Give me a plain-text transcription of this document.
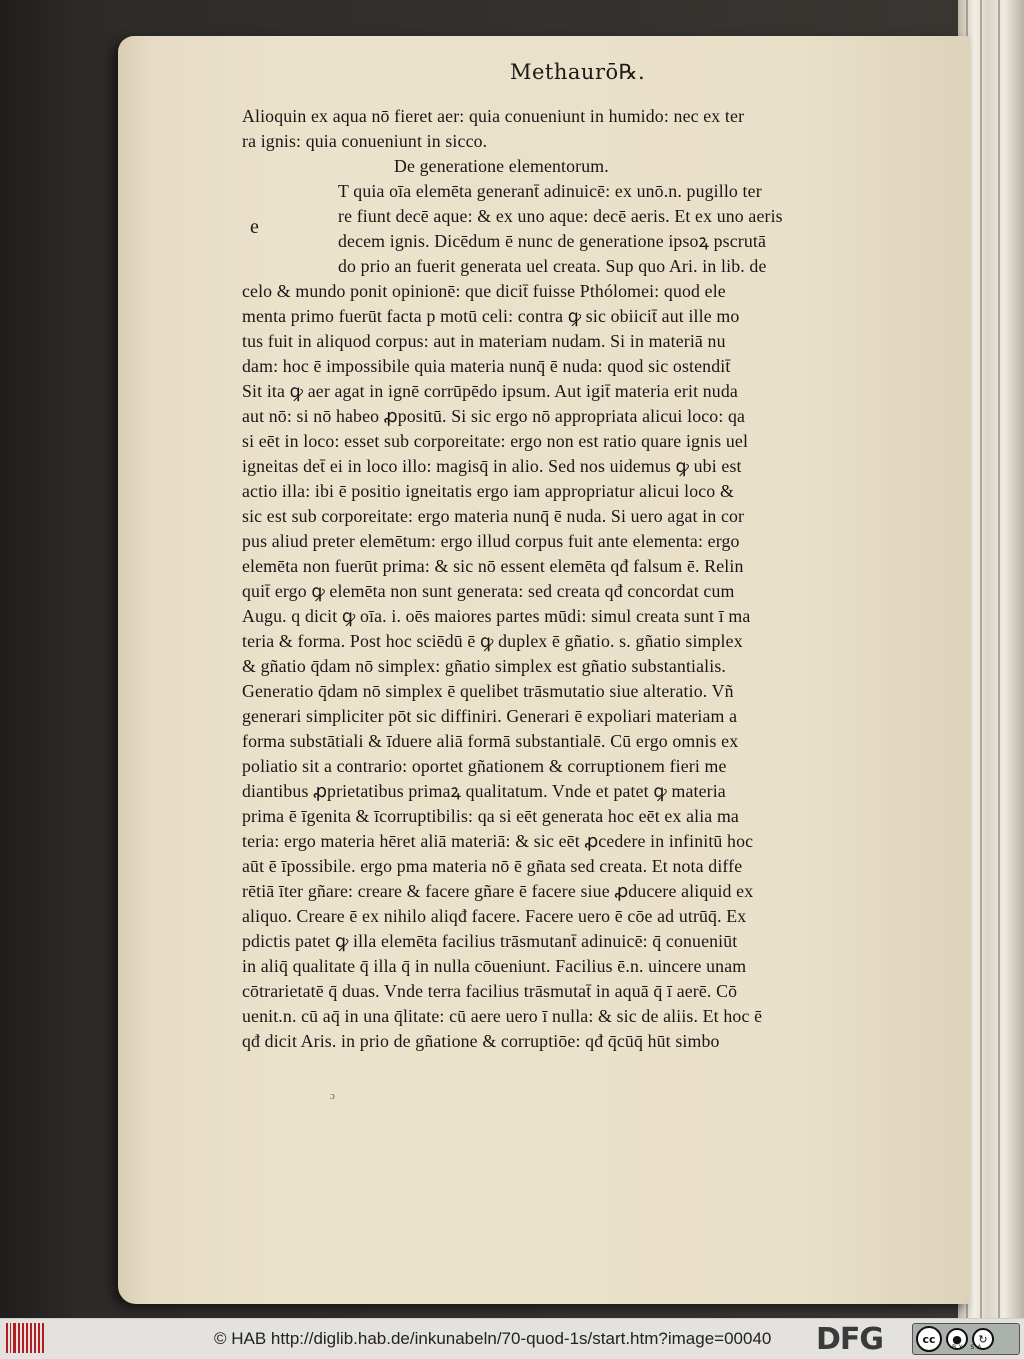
Methaurō℞.
e
Alioquin ex aqua nō fieret aer: quia conueniunt in humido: nec ex ter
ra ignis: quia conueniunt in sicco.
De generatione elementorum.
T quia oīa elemēta generant̄ adinuicē: ex unō.n. pugillo ter
re fiunt decē aque: & ex uno aque: decē aeris. Et ex uno aeris
decem ignis. Dicēdum ē nunc de generatione ipsoꝝ pscrutā
do prio an fuerit generata uel creata. Sup quo Ari. in lib. de
celo & mundo ponit opinionē: que dicit̄ fuisse Pthólomei: quod ele
menta primo fuerūt facta p motū celi: contra ꝙ sic obiicit̄ aut ille mo
tus fuit in aliquod corpus: aut in materiam nudam. Si in materiā nu
dam: hoc ē impossibile quia materia nunq̄ ē nuda: quod sic ostendit̄
Sit ita ꝙ aer agat in ignē corrūpēdo ipsum. Aut igit̄ materia erit nuda
aut nō: si nō habeo ꝓpositū. Si sic ergo nō appropriata alicui loco: qa
si eēt in loco: esset sub corporeitate: ergo non est ratio quare ignis uel
igneitas det̄ ei in loco illo: magisq̄ in alio. Sed nos uidemus ꝙ ubi est
actio illa: ibi ē positio igneitatis ergo iam appropriatur alicui loco &
sic est sub corporeitate: ergo materia nunq̄ ē nuda. Si uero agat in cor
pus aliud preter elemētum: ergo illud corpus fuit ante elementa: ergo
elemēta non fuerūt prima: & sic nō essent elemēta qđ falsum ē. Relin
quit̄ ergo ꝙ elemēta non sunt generata: sed creata qđ concordat cum
Augu. q dicit ꝙ oīa. i. oēs maiores partes mūdi: simul creata sunt ī ma
teria & forma. Post hoc sciēdū ē ꝙ duplex ē gñatio. s. gñatio simplex
& gñatio q̄dam nō simplex: gñatio simplex est gñatio substantialis.
Generatio q̄dam nō simplex ē quelibet trāsmutatio siue alteratio. Vñ
generari simpliciter pōt sic diffiniri. Generari ē expoliari materiam a
forma substātiali & īduere aliā formā substantialē. Cū ergo omnis ex
poliatio sit a contrario: oportet gñationem & corruptionem fieri me
diantibus ꝓprietatibus primaꝝ qualitatum. Vnde et patet ꝙ materia
prima ē īgenita & īcorruptibilis: qa si eēt generata hoc eēt ex alia ma
teria: ergo materia hēret aliā materiā: & sic eēt ꝓcedere in infinitū hoc
aūt ē īpossibile. ergo pma materia nō ē gñata sed creata. Et nota diffe
rētiā īter gñare: creare & facere gñare ē facere siue ꝓducere aliquid ex
aliquo. Creare ē ex nihilo aliqđ facere. Facere uero ē cōe ad utrūq̄. Ex
pdictis patet ꝙ illa elemēta facilius trāsmutant̄ adinuicē: q̄ conueniūt
in aliq̄ qualitate q̄ illa q̄ in nulla cōueniunt. Facilius ē.n. uincere unam
cōtrarietatē q̄ duas. Vnde terra facilius trāsmutat̄ in aquā q̄ ī aerē. Cō
uenit.n. cū aq̄ in una q̄litate: cū aere uero ī nulla: & sic de aliis. Et hoc ē
qđ dicit Aris. in prio de gñatione & corruptiōe: qđ q̄cūq̄ hūt simbo
ɔ
© HAB http://diglib.hab.de/inkunabeln/70-quod-1s/start.htm?image=00040 DFG	cc	●	↻
BY SA
